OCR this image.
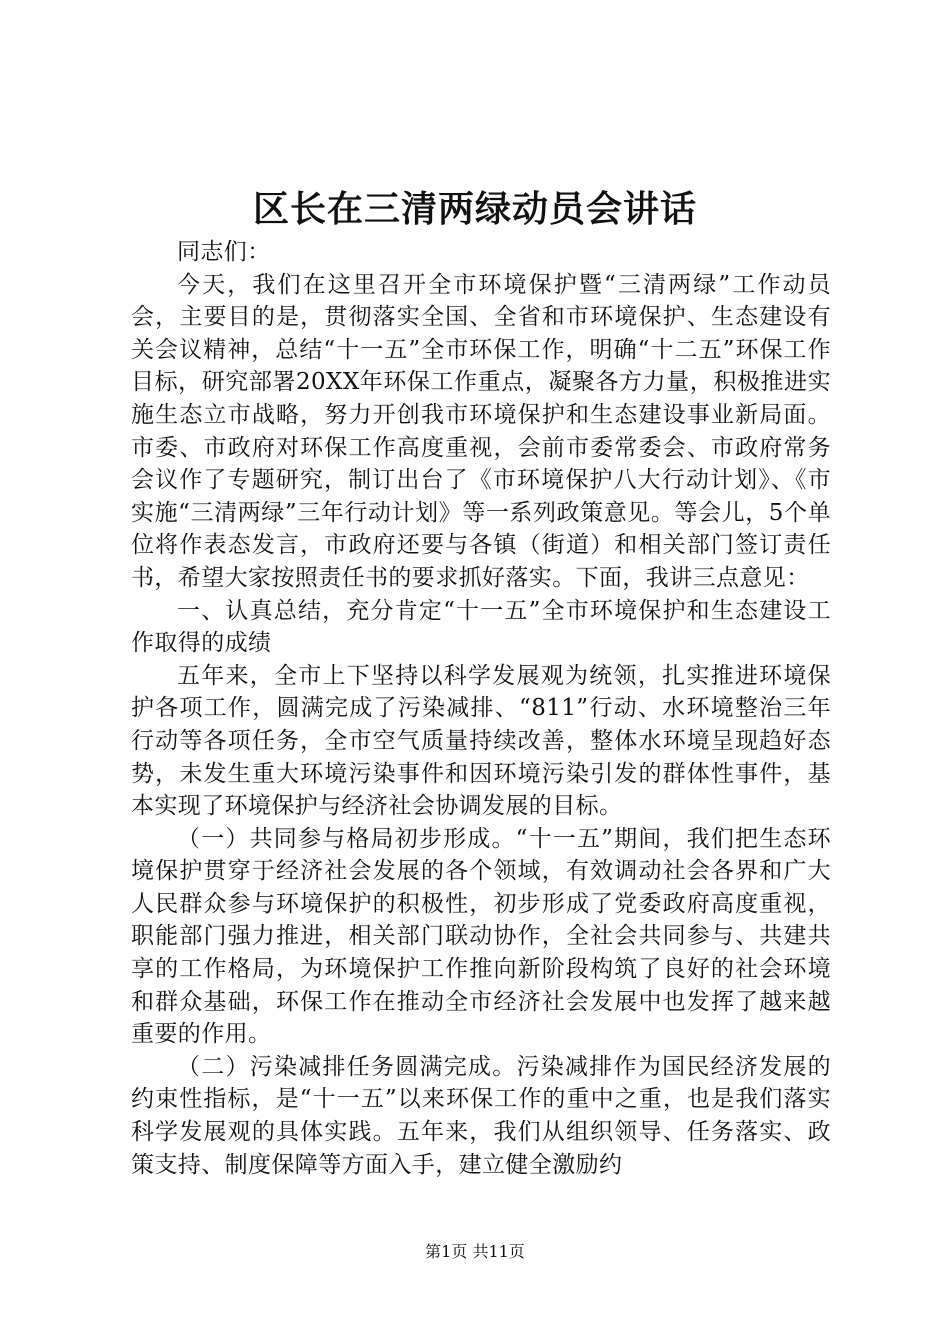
区长在三清两绿动员会讲话

同志们：

今天，我们在这里召开全市环境保护暨“三清两绿”工作动员会，主要目的是，贯彻落实全国、全省和市环境保护、生态建设有关会议精神，总结“十一五”全市环保工作，明确“十二五”环保工作目标，研究部署20XX年环保工作重点，凝聚各方力量，积极推进实施生态立市战略，努力开创我市环境保护和生态建设事业新局面。市委、市政府对环保工作高度重视，会前市委常委会、市政府常务会议作了专题研究，制订出台了《市环境保护八大行动计划》、《市实施“三清两绿”三年行动计划》等一系列政策意见。等会儿，5个单位将作表态发言，市政府还要与各镇（街道）和相关部门签订责任书，希望大家按照责任书的要求抓好落实。下面，我讲三点意见：

一、认真总结，充分肯定“十一五”全市环境保护和生态建设工作取得的成绩

五年来，全市上下坚持以科学发展观为统领，扎实推进环境保护各项工作，圆满完成了污染减排、“811”行动、水环境整治三年行动等各项任务，全市空气质量持续改善，整体水环境呈现趋好态势，未发生重大环境污染事件和因环境污染引发的群体性事件，基本实现了环境保护与经济社会协调发展的目标。

（一）共同参与格局初步形成。“十一五”期间，我们把生态环境保护贯穿于经济社会发展的各个领域，有效调动社会各界和广大人民群众参与环境保护的积极性，初步形成了党委政府高度重视，职能部门强力推进，相关部门联动协作，全社会共同参与、共建共享的工作格局，为环境保护工作推向新阶段构筑了良好的社会环境和群众基础，环保工作在推动全市经济社会发展中也发挥了越来越重要的作用。

（二）污染减排任务圆满完成。污染减排作为国民经济发展的约束性指标，是“十一五”以来环保工作的重中之重，也是我们落实科学发展观的具体实践。五年来，我们从组织领导、任务落实、政策支持、制度保障等方面入手，建立健全激励约

第1页 共11页
